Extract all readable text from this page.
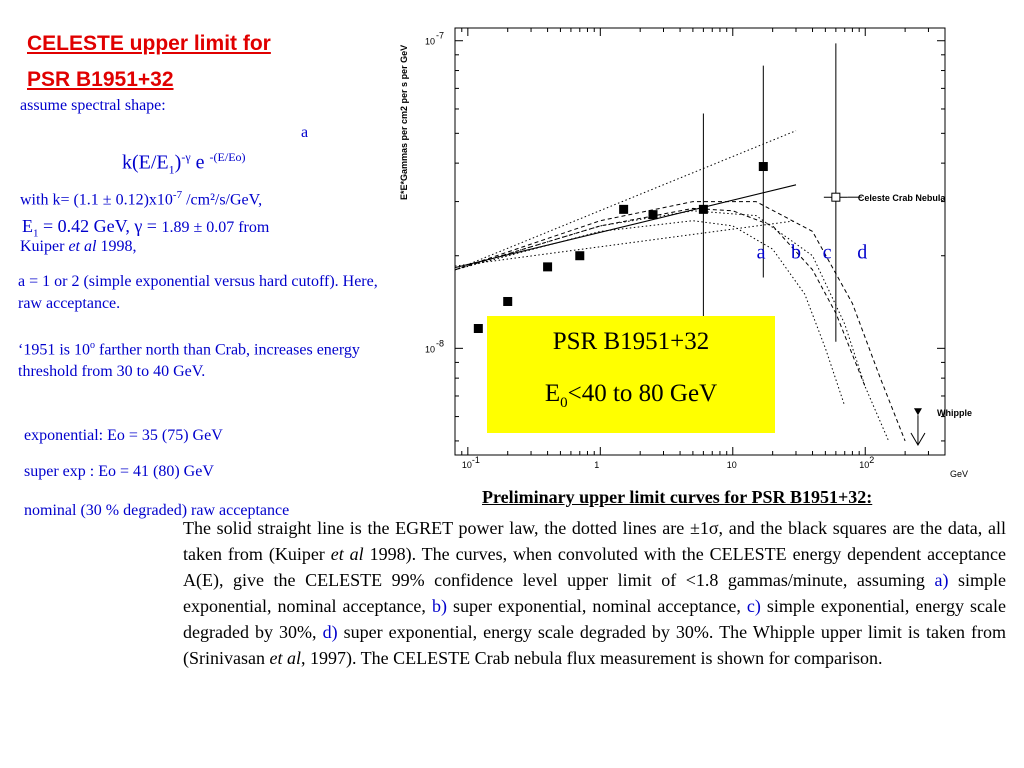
CELESTE upper limit for
PSR B1951+32
assume spectral shape:
a
$k(E/E_1)^{-\gamma}$ e $^{-(E/Eo)}$
with $k= (1.1 \pm 0.12)x10^{-7}$ /cm²/s/GeV,
$E_1 = 0.42$ GeV, γ = 1.89 ± 0.07 from
Kuiper et al 1998,
a = 1 or 2 (simple exponential versus hard cutoff). Here, raw acceptance.
‘1951 is 10$^o$ farther north than Crab, increases energy threshold from 30 to 40 GeV.
exponential: Eo = 35 (75) GeV
super exp : Eo = 41 (80) GeV
nominal (30 % degraded) raw acceptance
10 -1	1	10	10 2
10
-7
10
-8
GeV
E*E*Gammas per cm2 per s per GeV
a b c d
Celeste Crab Nebula
Whipple
PSR B1951+32
$E_0<40$ to 80 GeV
Preliminary upper limit curves for PSR B1951+32:
The solid straight line is the EGRET power law, the dotted lines are ±1σ, and the black squares are the data, all taken from (Kuiper et al 1998). The curves, when convoluted with the CELESTE energy dependent acceptance A(E), give the CELESTE 99% confidence level upper limit of <1.8 gammas/minute, assuming a) simple exponential, nominal acceptance, b) super exponential, nominal acceptance, c) simple exponential, energy scale degraded by 30%, d) super exponential, energy scale degraded by 30%. The Whipple upper limit is taken from (Srinivasan et al, 1997). The CELESTE Crab nebula flux measurement is shown for comparison.
